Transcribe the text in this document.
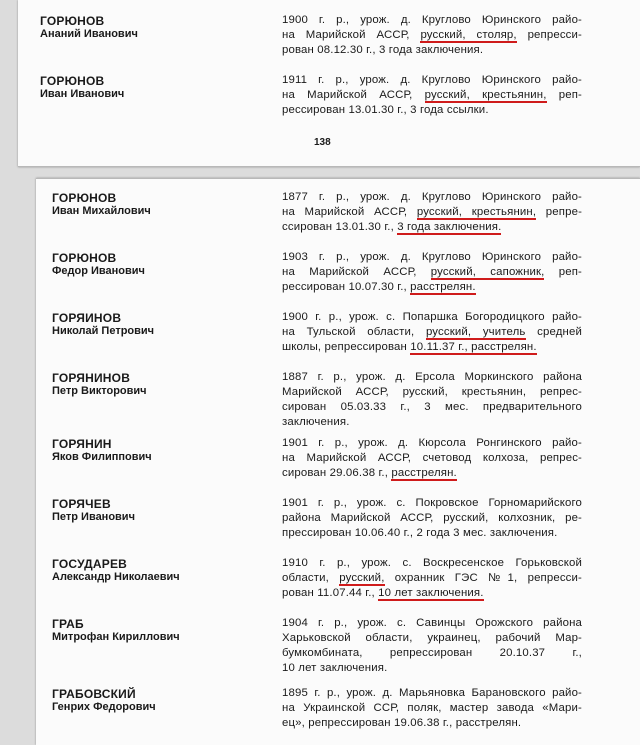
138
ГОРЮНОВ
Ананий Иванович
1900 г. р., урож. д. Круглово Юринского райо-
на Марийской АССР, русский, столяр, репресси-
рован 08.12.30 г., 3 года заключения.
ГОРЮНОВ
Иван Иванович
1911 г. р., урож. д. Круглово Юринского райо-
на Марийской АССР, русский, крестьянин, реп-
рессирован 13.01.30 г., 3 года ссылки.
ГОРЮНОВ
Иван Михайлович
1877 г. р., урож. д. Круглово Юринского райо-
на Марийской АССР, русский, крестьянин, репре-
ссирован 13.01.30 г., 3 года заключения.
ГОРЮНОВ
Федор Иванович
1903 г. р., урож. д. Круглово Юринского райо-
на Марийской АССР, русский, сапожник, реп-
рессирован 10.07.30 г., расстрелян.
ГОРЯИНОВ
Николай Петрович
1900 г. р., урож. с. Попаршка Богородицкого райо-
на Тульской области, русский, учитель средней
школы, репрессирован 10.11.37 г., расстрелян.
ГОРЯНИНОВ
Петр Викторович
1887 г. р., урож. д. Ерсола Моркинского района
Марийской АССР, русский, крестьянин, репрес-
сирован 05.03.33 г., 3 мес. предварительного
заключения.
ГОРЯНИН
Яков Филиппович
1901 г. р., урож. д. Кюрсола Ронгинского райо-
на Марийской АССР, счетовод колхоза, репрес-
сирован 29.06.38 г., расстрелян.
ГОРЯЧЕВ
Петр Иванович
1901 г. р., урож. с. Покровское Горномарийского
района Марийской АССР, русский, колхозник, ре-
прессирован 10.06.40 г., 2 года 3 мес. заключения.
ГОСУДАРЕВ
Александр Николаевич
1910 г. р., урож. с. Воскресенское Горьковской
области, русский, охранник ГЭС №1, репресси-
рован 11.07.44 г., 10 лет заключения.
ГРАБ
Митрофан Кириллович
1904 г. р., урож. с. Савинцы Орожского района
Харьковской области, украинец, рабочий Мар-
бумкомбината, репрессирован 20.10.37 г.,
10 лет заключения.
ГРАБОВСКИЙ
Генрих Федорович
1895 г. р., урож. д. Марьяновка Барановского райо-
на Украинской ССР, поляк, мастер завода «Мари-
ец», репрессирован 19.06.38 г., расстрелян.
